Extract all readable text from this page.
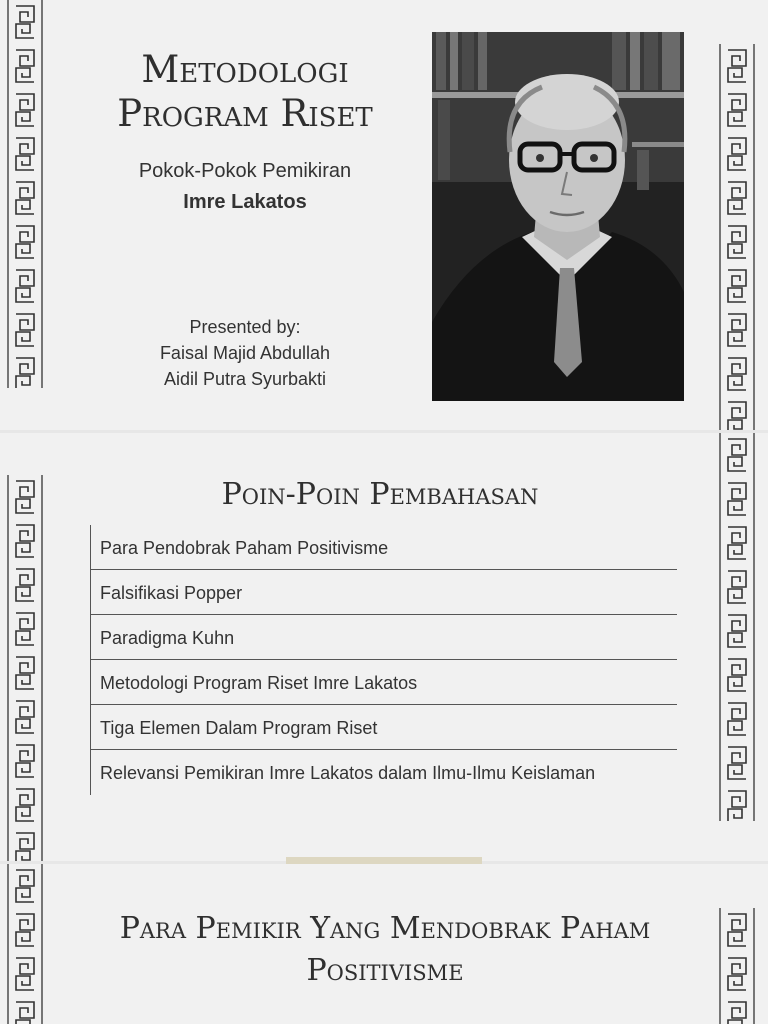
Metodologi Program Riset
Pokok-Pokok Pemikiran
Imre Lakatos
Presented by:
Faisal Majid Abdullah
Aidil Putra Syurbakti
Poin-Poin Pembahasan
Para Pendobrak Paham Positivisme
Falsifikasi Popper
Paradigma Kuhn
Metodologi Program Riset Imre Lakatos
Tiga Elemen Dalam Program Riset
Relevansi Pemikiran Imre Lakatos dalam Ilmu-Ilmu Keislaman
Para Pemikir Yang Mendobrak Paham Positivisme
